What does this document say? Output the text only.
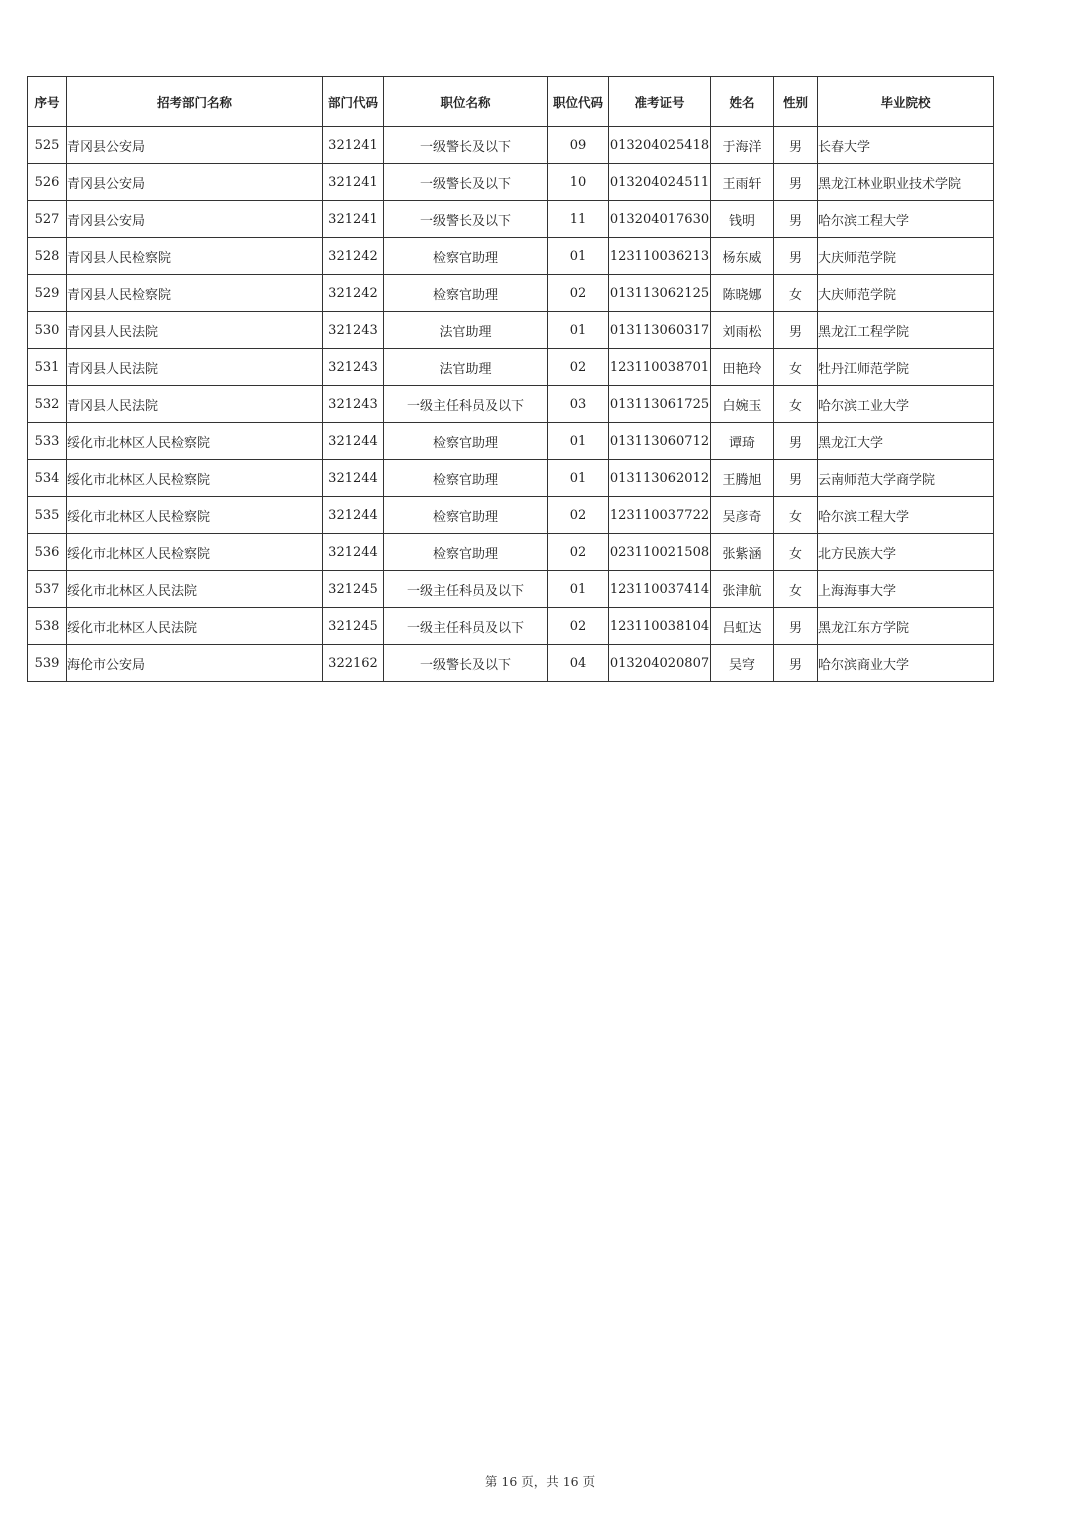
序号	招考部门名称	部门代码	职位名称	职位代码	准考证号	姓名	性别	毕业院校
525	青冈县公安局	321241	一级警长及以下	09	013204025418	于海洋	男	长春大学
526	青冈县公安局	321241	一级警长及以下	10	013204024511	王雨轩	男	黑龙江林业职业技术学院
527	青冈县公安局	321241	一级警长及以下	11	013204017630	钱明	男	哈尔滨工程大学
528	青冈县人民检察院	321242	检察官助理	01	123110036213	杨东威	男	大庆师范学院
529	青冈县人民检察院	321242	检察官助理	02	013113062125	陈晓娜	女	大庆师范学院
530	青冈县人民法院	321243	法官助理	01	013113060317	刘雨松	男	黑龙江工程学院
531	青冈县人民法院	321243	法官助理	02	123110038701	田艳玲	女	牡丹江师范学院
532	青冈县人民法院	321243	一级主任科员及以下	03	013113061725	白婉玉	女	哈尔滨工业大学
533	绥化市北林区人民检察院	321244	检察官助理	01	013113060712	谭琦	男	黑龙江大学
534	绥化市北林区人民检察院	321244	检察官助理	01	013113062012	王腾旭	男	云南师范大学商学院
535	绥化市北林区人民检察院	321244	检察官助理	02	123110037722	吴彦奇	女	哈尔滨工程大学
536	绥化市北林区人民检察院	321244	检察官助理	02	023110021508	张紫涵	女	北方民族大学
537	绥化市北林区人民法院	321245	一级主任科员及以下	01	123110037414	张津航	女	上海海事大学
538	绥化市北林区人民法院	321245	一级主任科员及以下	02	123110038104	吕虹达	男	黑龙江东方学院
539	海伦市公安局	322162	一级警长及以下	04	013204020807	吴穹	男	哈尔滨商业大学
第 16 页，共 16 页
